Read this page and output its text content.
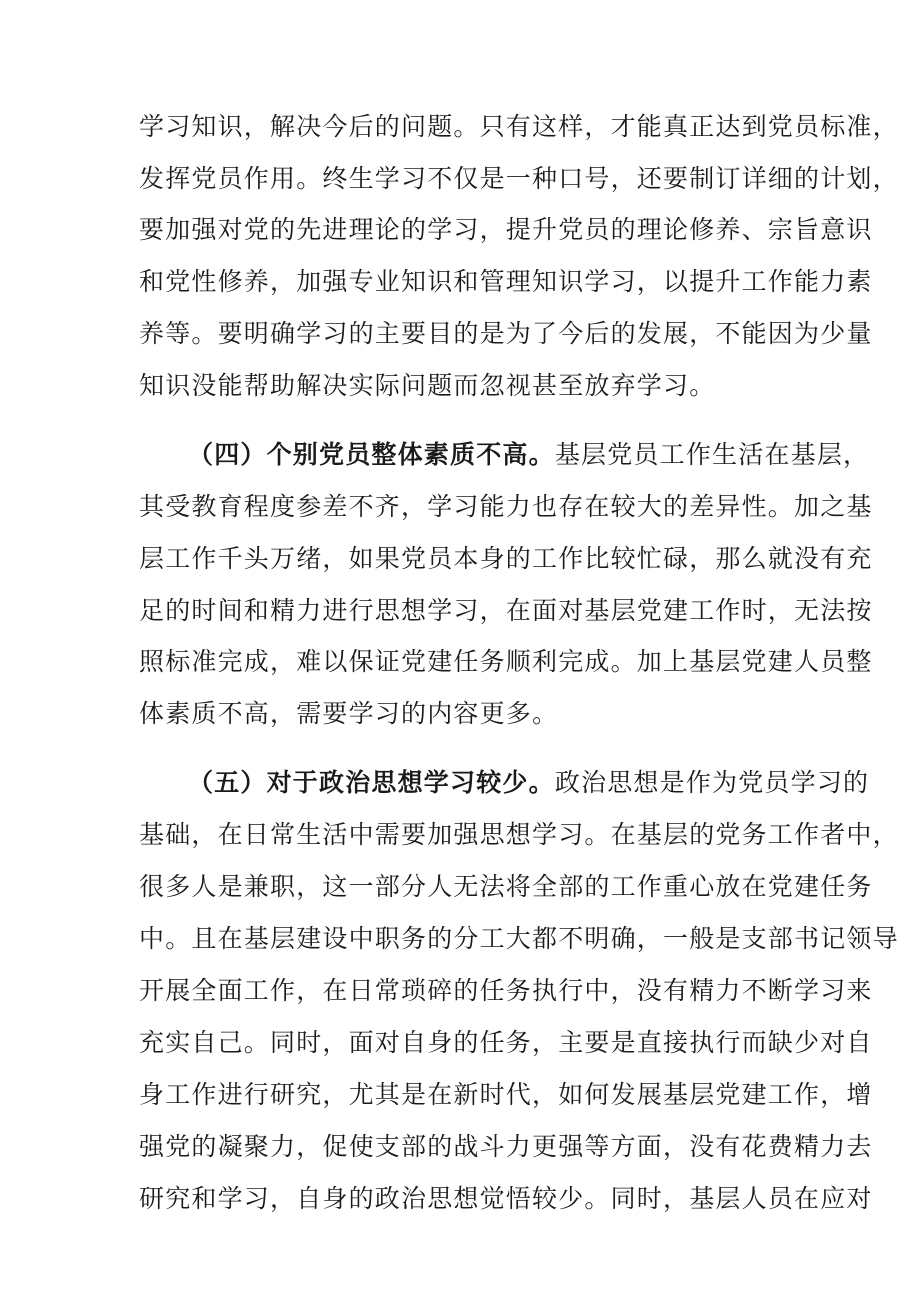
学习知识，解决今后的问题。只有这样，才能真正达到党员标准，
发挥党员作用。终生学习不仅是一种口号，还要制订详细的计划，
要加强对党的先进理论的学习，提升党员的理论修养、宗旨意识
和党性修养，加强专业知识和管理知识学习，以提升工作能力素
养等。要明确学习的主要目的是为了今后的发展，不能因为少量
知识没能帮助解决实际问题而忽视甚至放弃学习。
（四）个别党员整体素质不高。基层党员工作生活在基层，
其受教育程度参差不齐，学习能力也存在较大的差异性。加之基
层工作千头万绪，如果党员本身的工作比较忙碌，那么就没有充
足的时间和精力进行思想学习，在面对基层党建工作时，无法按
照标准完成，难以保证党建任务顺利完成。加上基层党建人员整
体素质不高，需要学习的内容更多。
（五）对于政治思想学习较少。政治思想是作为党员学习的
基础，在日常生活中需要加强思想学习。在基层的党务工作者中，
很多人是兼职，这一部分人无法将全部的工作重心放在党建任务
中。且在基层建设中职务的分工大都不明确，一般是支部书记领导
开展全面工作，在日常琐碎的任务执行中，没有精力不断学习来
充实自己。同时，面对自身的任务，主要是直接执行而缺少对自
身工作进行研究，尤其是在新时代，如何发展基层党建工作，增
强党的凝聚力，促使支部的战斗力更强等方面，没有花费精力去
研究和学习，自身的政治思想觉悟较少。同时，基层人员在应对
